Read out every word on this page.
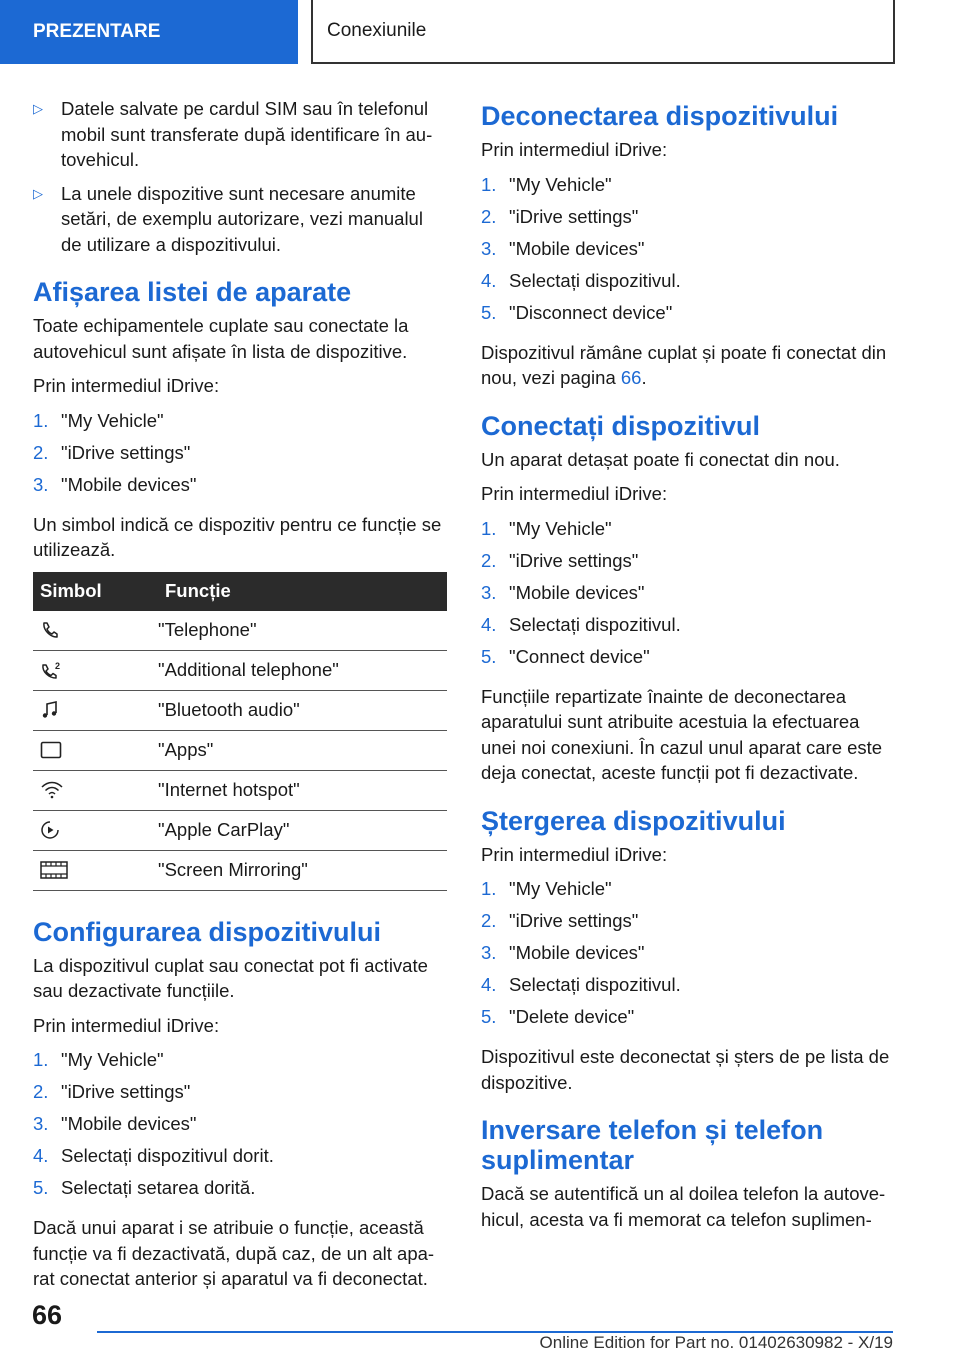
PREZENTARE	Conexiunile
▷ Datele salvate pe cardul SIM sau în telefonul mobil sunt transferate după identificare în au- tovehicul.
▷ La unele dispozitive sunt necesare anumite setări, de exemplu autorizare, vezi manualul de utilizare a dispozitivului.
Afișarea listei de aparate

Toate echipamentele cuplate sau conectate la autovehicul sunt afișate în lista de dispozitive.

Prin intermediul iDrive:

1. "My Vehicle"
2. "iDrive settings"
3. "Mobile devices"

Un simbol indică ce dispozitiv pentru ce funcție se utilizează.

Simbol	Funcție

	"Telephone"

2	"Additional telephone"

	"Bluetooth audio"

	"Apps"

	"Internet hotspot"

	"Apple CarPlay"

	"Screen Mirroring"
Configurarea dispozitivului

La dispozitivul cuplat sau conectat pot fi activate sau dezactivate funcțiile.

Prin intermediul iDrive:

1. "My Vehicle"
2. "iDrive settings"
3. "Mobile devices"
4. Selectați dispozitivul dorit.
5. Selectați setarea dorită.

Dacă unui aparat i se atribuie o funcție, această funcție va fi dezactivată, după caz, de un alt apa- rat conectat anterior și aparatul va fi deconectat.

Deconectarea dispozitivului

Prin intermediul iDrive:

1. "My Vehicle"
2. "iDrive settings"
3. "Mobile devices"
4. Selectați dispozitivul.
5. "Disconnect device"

Dispozitivul rămâne cuplat și poate fi conectat din nou, vezi pagina 66.

Conectați dispozitivul

Un aparat detașat poate fi conectat din nou.

Prin intermediul iDrive:

1. "My Vehicle"
2. "iDrive settings"
3. "Mobile devices"
4. Selectați dispozitivul.
5. "Connect device"

Funcțiile repartizate înainte de deconectarea aparatului sunt atribuite acestuia la efectuarea unei noi conexiuni. În cazul unul aparat care este deja conectat, aceste funcții pot fi dezactivate.

Ștergerea dispozitivului

Prin intermediul iDrive:

1. "My Vehicle"
2. "iDrive settings"
3. "Mobile devices"
4. Selectați dispozitivul.
5. "Delete device"

Dispozitivul este deconectat și șters de pe lista de dispozitive.

Inversare telefon și telefon suplimentar

Dacă se autentifică un al doilea telefon la autove- hicul, acesta va fi memorat ca telefon suplimen-

66
Online Edition for Part no. 01402630982 - X/19
